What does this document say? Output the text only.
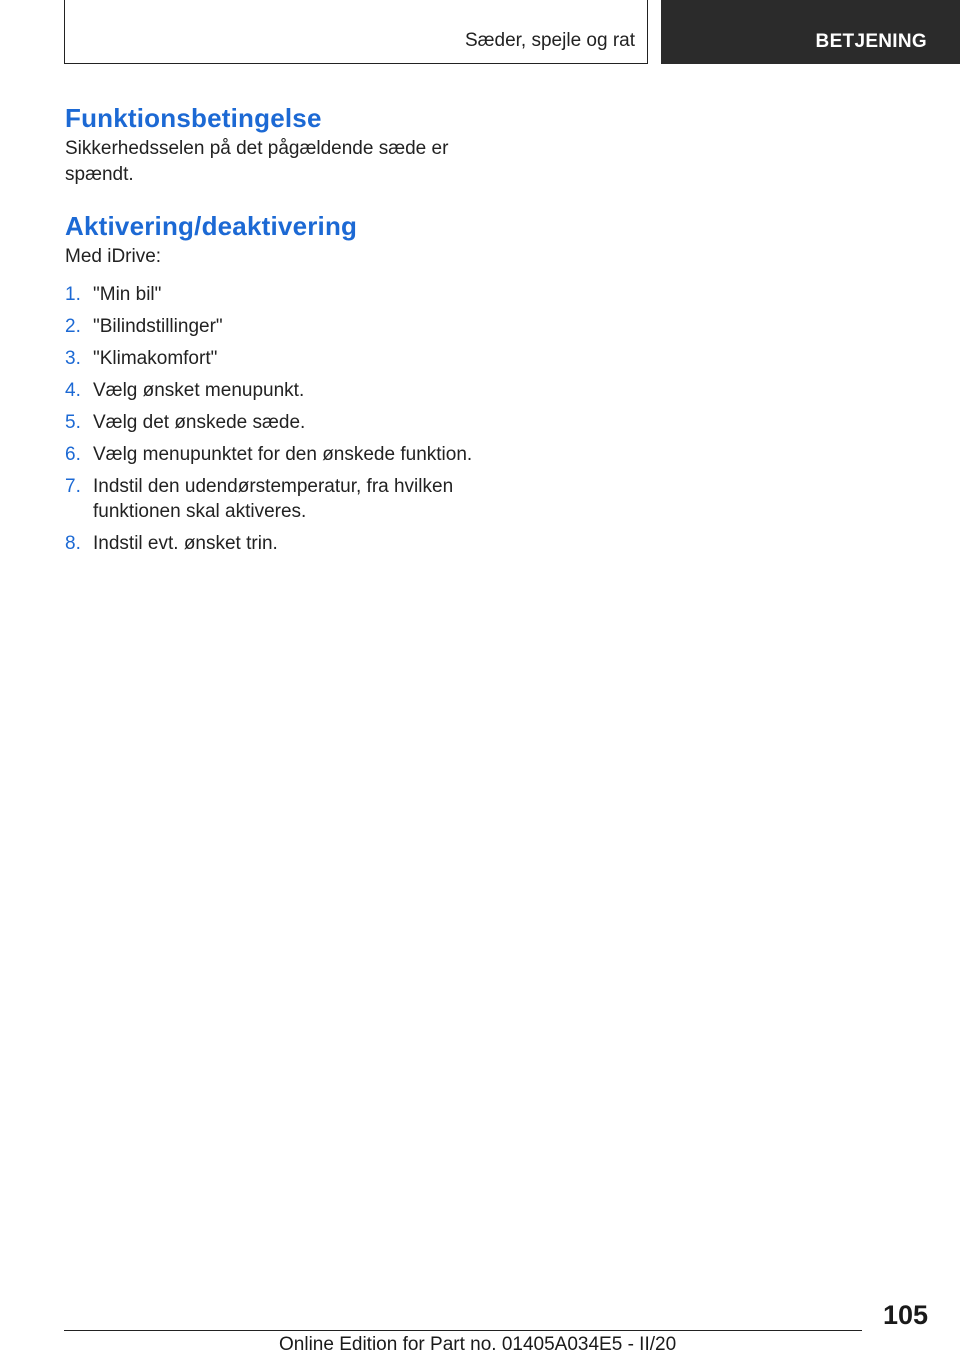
Sæder, spejle og rat	BETJENING
Funktionsbetingelse

Sikkerhedsselen på det pågældende sæde er spændt.

Aktivering/deaktivering

Med iDrive:

1. "Min bil"
2. "Bilindstillinger"
3. "Klimakomfort"
4. Vælg ønsket menupunkt.
5. Vælg det ønskede sæde.
6. Vælg menupunktet for den ønskede funktion.
7. Indstil den udendørstemperatur, fra hvilken funktionen skal aktiveres.
8. Indstil evt. ønsket trin.
105
Online Edition for Part no. 01405A034E5 - II/20
